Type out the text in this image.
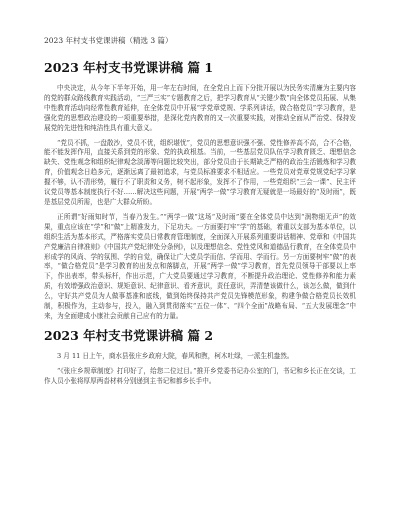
2023 年村支书党课讲稿（精选 3 篇）
2023 年村支书党课讲稿 篇 1

中央决定，从今年下半年开始，用一年左右时间，在全党自上而下分批开展以为民务实清廉为主要内容的党的群众路线教育实践活动，“三严三实”专题教育之后，把学习教育从“关键少数”向全体党员拓展、从集中性教育活动向经常性教育延伸，在全体党员中开展“学党章党规、学系列讲话，做合格党员”学习教育，是强化党的思想政治建设的一项重要举措，是深化党内教育的又一次重要实践，对推动全面从严治党、保持发展党的先进性和纯洁性具有重大意义。

“党员不抓，一盘散沙，党员不优，组织堪忧”，党员的思想意识强不强、党性修养高不高，合不合格，能不能发挥作用，直接关系到党的形象、党的执政根基。当前，一些基层党员队伍学习教育匮乏、理想信念缺失、党性观念和组织纪律观念淡薄等问题比较突出，部分党员由于长期缺乏严格的政治生活锻炼和学习教育，价值观念日趋多元，逐渐远离了最初追求，与党员标准要求不相适应。一些党员对党章党规党纪学习掌握不够，认不清形势，履行不了职责和义务，树不起形象，发挥不了作用，一些党组织“三会一课”、民主评议党员等基本制度执行不好……解决这些问题，开展“两学一做”学习教育无疑就是一场最好的“及时雨”，既是基层党员所需，也是广大群众所盼。

正所谓“好雨知时节，当春乃发生。”“两学一做”这场“及时雨”要在全体党员中达到“润物细无声”的效果，重点应该在“学”和“做”上精准发力，下足功夫。一方面要打牢“学”的基础，着重以支部为基本单位，以组织生活为基本形式，严格落实党员日常教育管理制度，全面深入开展系列重要讲话精神、党章和《中国共产党廉洁自律准则》《中国共产党纪律处分条例》，以及理想信念、党性党风和道德品行教育，在全体党员中形成学的风尚、学的氛围、学的自觉，确保让广大党员学而信、学而用、学而行。另一方面要树牢“做”的表率，“做合格党员”是学习教育的出发点和落脚点，开展“两学一做”学习教育，首先党员领导干部要以上率下，作出表率，带头标杆，作出示范，广大党员要通过学习教育，不断提升政治理论、党性修养和能力素质，有效增强政治意识、规矩意识、纪律意识、看齐意识，责任意识，弄清楚该做什么，该怎么做，做到什么，守好共产党员为人做事基准和底线，做到始终保持共产党员先锋模范形象，构建争做合格党员长效机制，积极作为，主动参与，投入，融入到贯彻落实“五位一体”、“四个全面”战略布局、“五大发展理念”中来，为全面建成小康社会贡献自己应有的力量。

2023 年村支书党课讲稿 篇 2

3 月 11 日上午，商水县张庄乡政府大院，春风和煦，柯木吐绿，一派生机盎然。

“《张庄乡规章制度》打印好了，给您二位过目。”推开乡党委书记办公室的门，书记和乡长正在交谈，工作人员小张将厚厚两沓材料分别递到主书记和都乡长手中。
